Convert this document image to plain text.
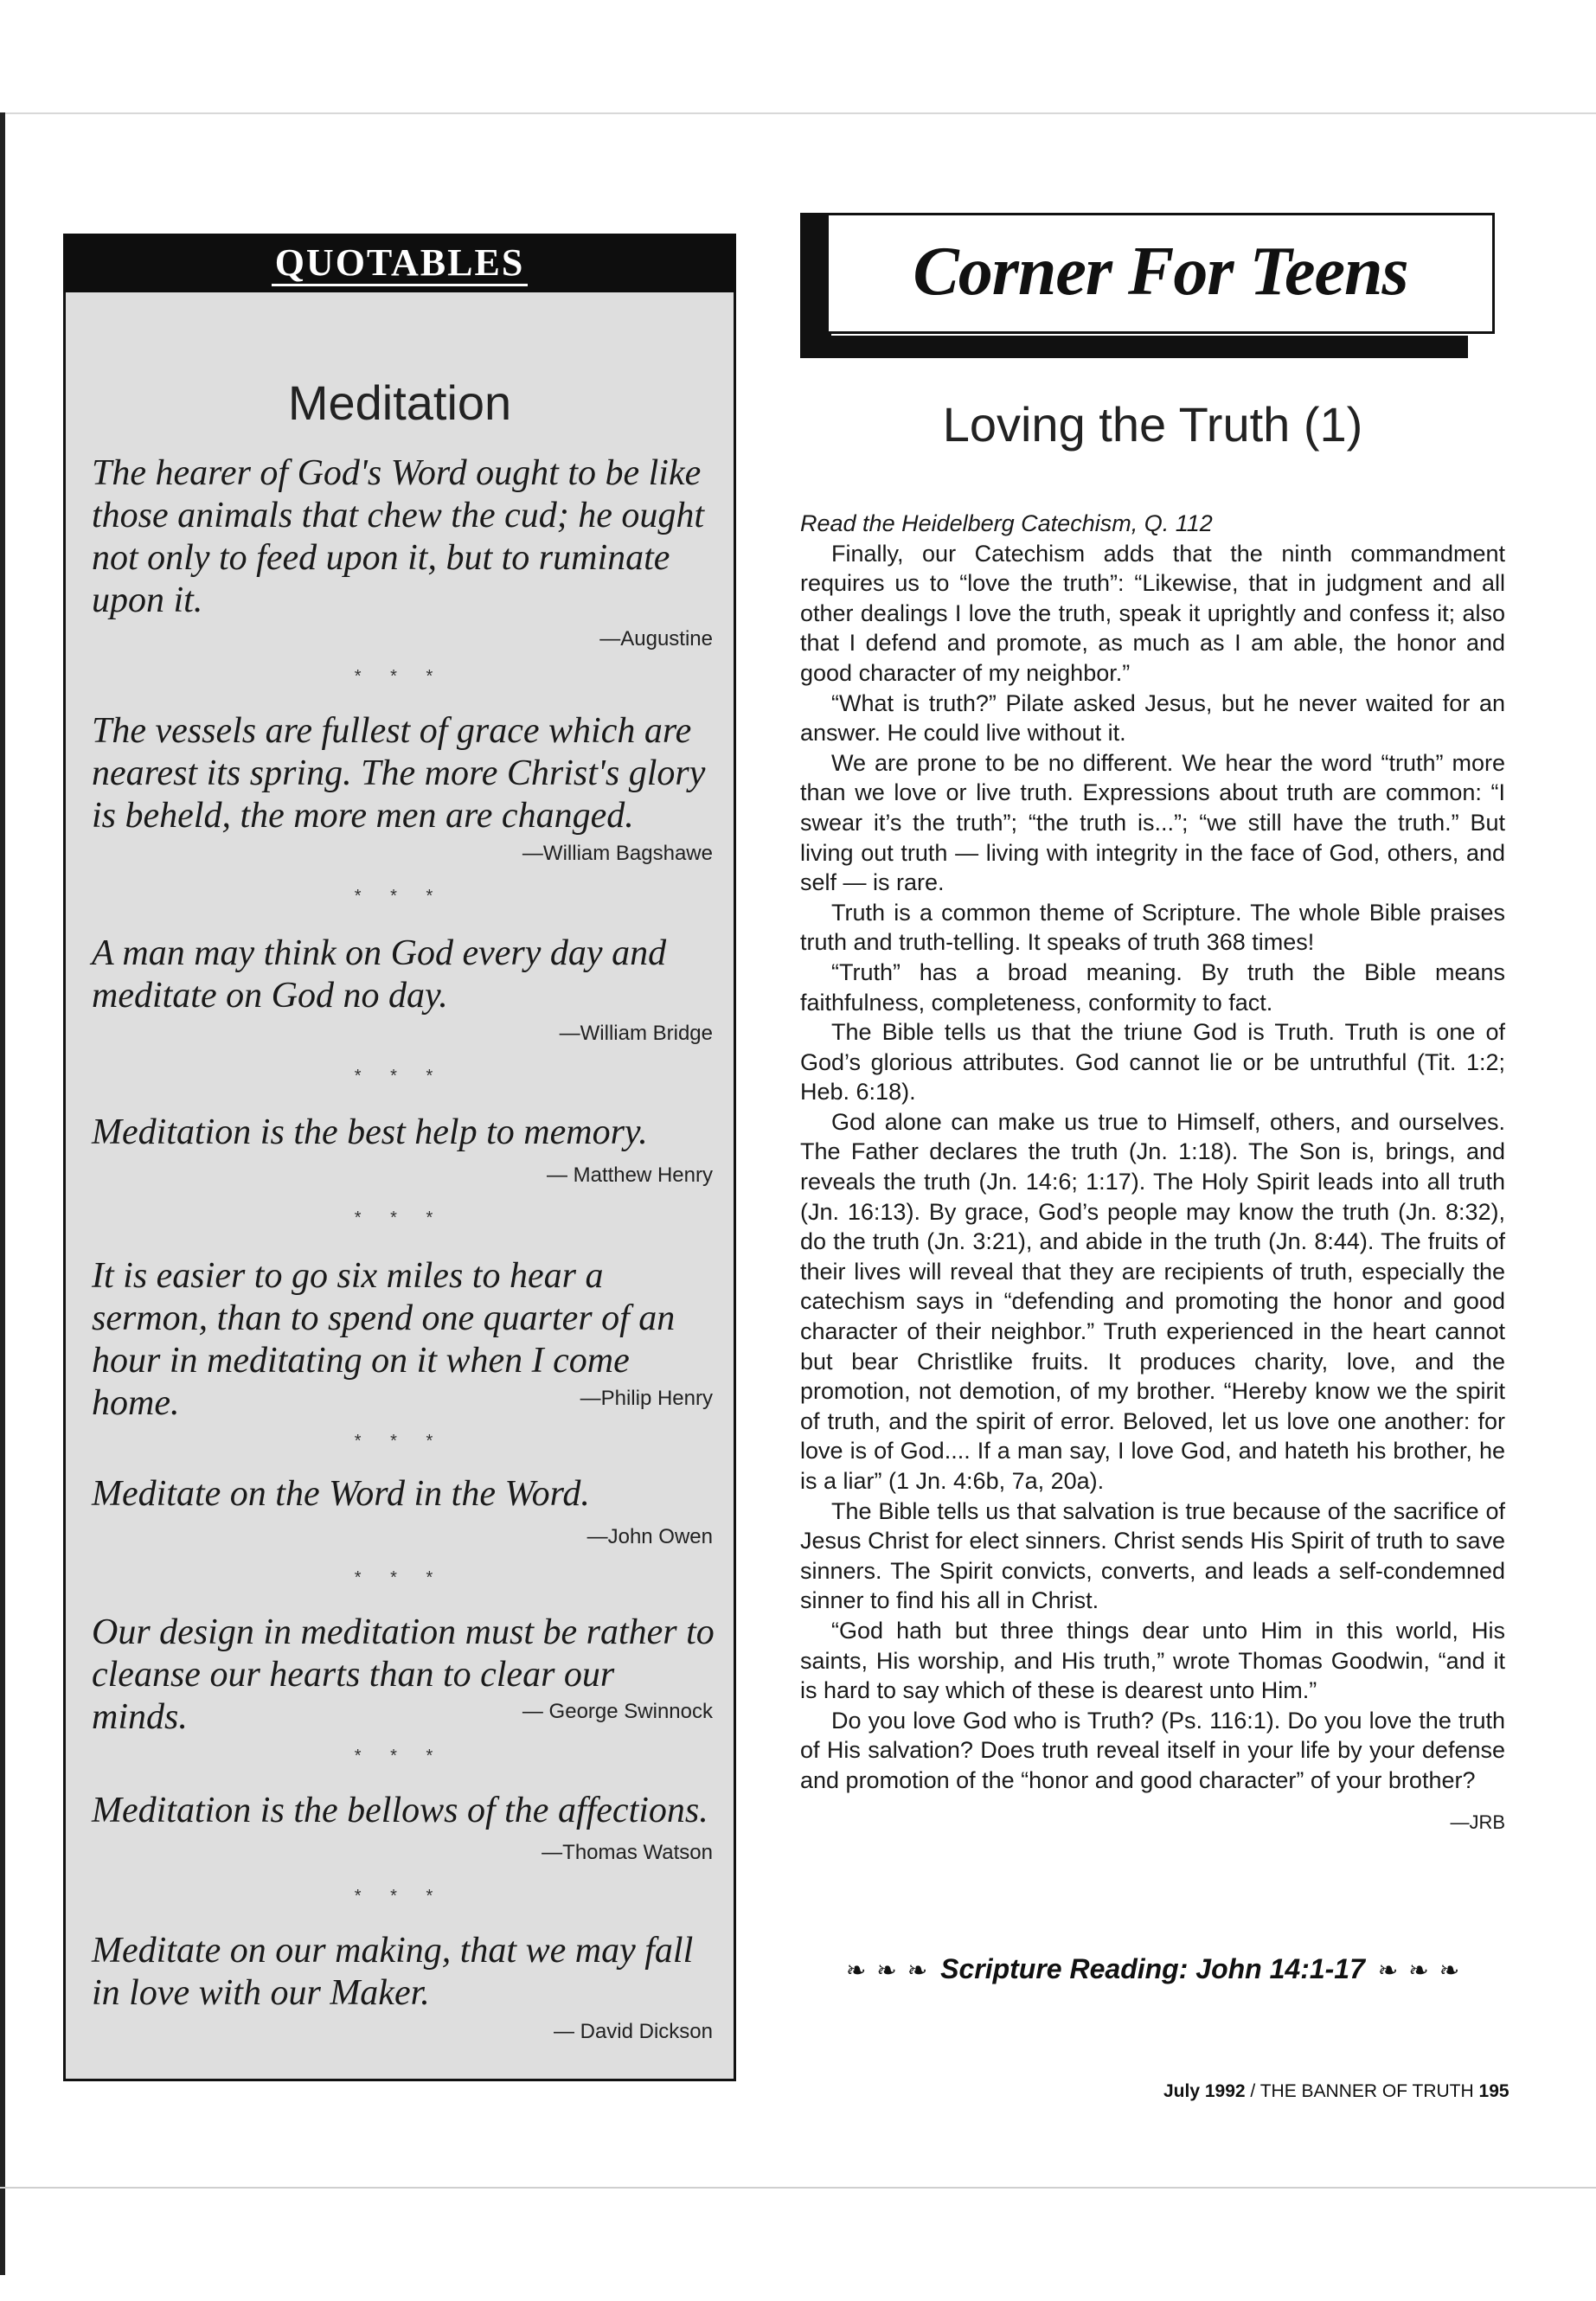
QUOTABLES
Meditation
The hearer of God's Word ought to be like those animals that chew the cud; he ought not only to feed upon it, but to ruminate upon it.
—Augustine
* * *
The vessels are fullest of grace which are nearest its spring. The more Christ's glory is beheld, the more men are changed.
—William Bagshawe
* * *
A man may think on God every day and meditate on God no day.
—William Bridge
* * *
Meditation is the best help to memory.
— Matthew Henry
* * *
It is easier to go six miles to hear a sermon, than to spend one quarter of an hour in meditating on it when I come home.	—Philip Henry
* * *
Meditate on the Word in the Word.
—John Owen
* * *
Our design in meditation must be rather to cleanse our hearts than to clear our minds.	— George Swinnock
* * *
Meditation is the bellows of the affections.
—Thomas Watson
* * *
Meditate on our making, that we may fall in love with our Maker.
— David Dickson
Corner For Teens
Loving the Truth (1)

Read the Heidelberg Catechism, Q. 112

Finally, our Catechism adds that the ninth commandment requires us to “love the truth”: “Likewise, that in judgment and all other dealings I love the truth, speak it uprightly and confess it; also that I defend and promote, as much as I am able, the honor and good character of my neighbor.”

“What is truth?” Pilate asked Jesus, but he never waited for an answer. He could live without it.

We are prone to be no different. We hear the word “truth” more than we love or live truth. Expressions about truth are common: “I swear it’s the truth”; “the truth is...”; “we still have the truth.” But living out truth — living with integrity in the face of God, others, and self — is rare.

Truth is a common theme of Scripture. The whole Bible praises truth and truth-telling. It speaks of truth 368 times!

“Truth” has a broad meaning. By truth the Bible means faithfulness, completeness, conformity to fact.

The Bible tells us that the triune God is Truth. Truth is one of God’s glorious attributes. God cannot lie or be untruthful (Tit. 1:2; Heb. 6:18).

God alone can make us true to Himself, others, and ourselves. The Father declares the truth (Jn. 1:18). The Son is, brings, and reveals the truth (Jn. 14:6; 1:17). The Holy Spirit leads into all truth (Jn. 16:13). By grace, God’s people may know the truth (Jn. 8:32), do the truth (Jn. 3:21), and abide in the truth (Jn. 8:44). The fruits of their lives will reveal that they are recipients of truth, especially the catechism says in “defending and promoting the honor and good character of their neighbor.” Truth experienced in the heart cannot but bear Christlike fruits. It produces charity, love, and the promotion, not demotion, of my brother. “Hereby know we the spirit of truth, and the spirit of error. Beloved, let us love one another: for love is of God.... If a man say, I love God, and hateth his brother, he is a liar” (1 Jn. 4:6b, 7a, 20a).

The Bible tells us that salvation is true because of the sacrifice of Jesus Christ for elect sinners. Christ sends His Spirit of truth to save sinners. The Spirit convicts, converts, and leads a self-condemned sinner to find his all in Christ.

“God hath but three things dear unto Him in this world, His saints, His worship, and His truth,” wrote Thomas Goodwin, “and it is hard to say which of these is dearest unto Him.”

Do you love God who is Truth? (Ps. 116:1). Do you love the truth of His salvation? Does truth reveal itself in your life by your defense and promotion of the “honor and good character” of your brother?

—JRB

❧ ❧ ❧ Scripture Reading: John 14:1-17 ❧ ❧ ❧
July 1992 / THE BANNER OF TRUTH 195
